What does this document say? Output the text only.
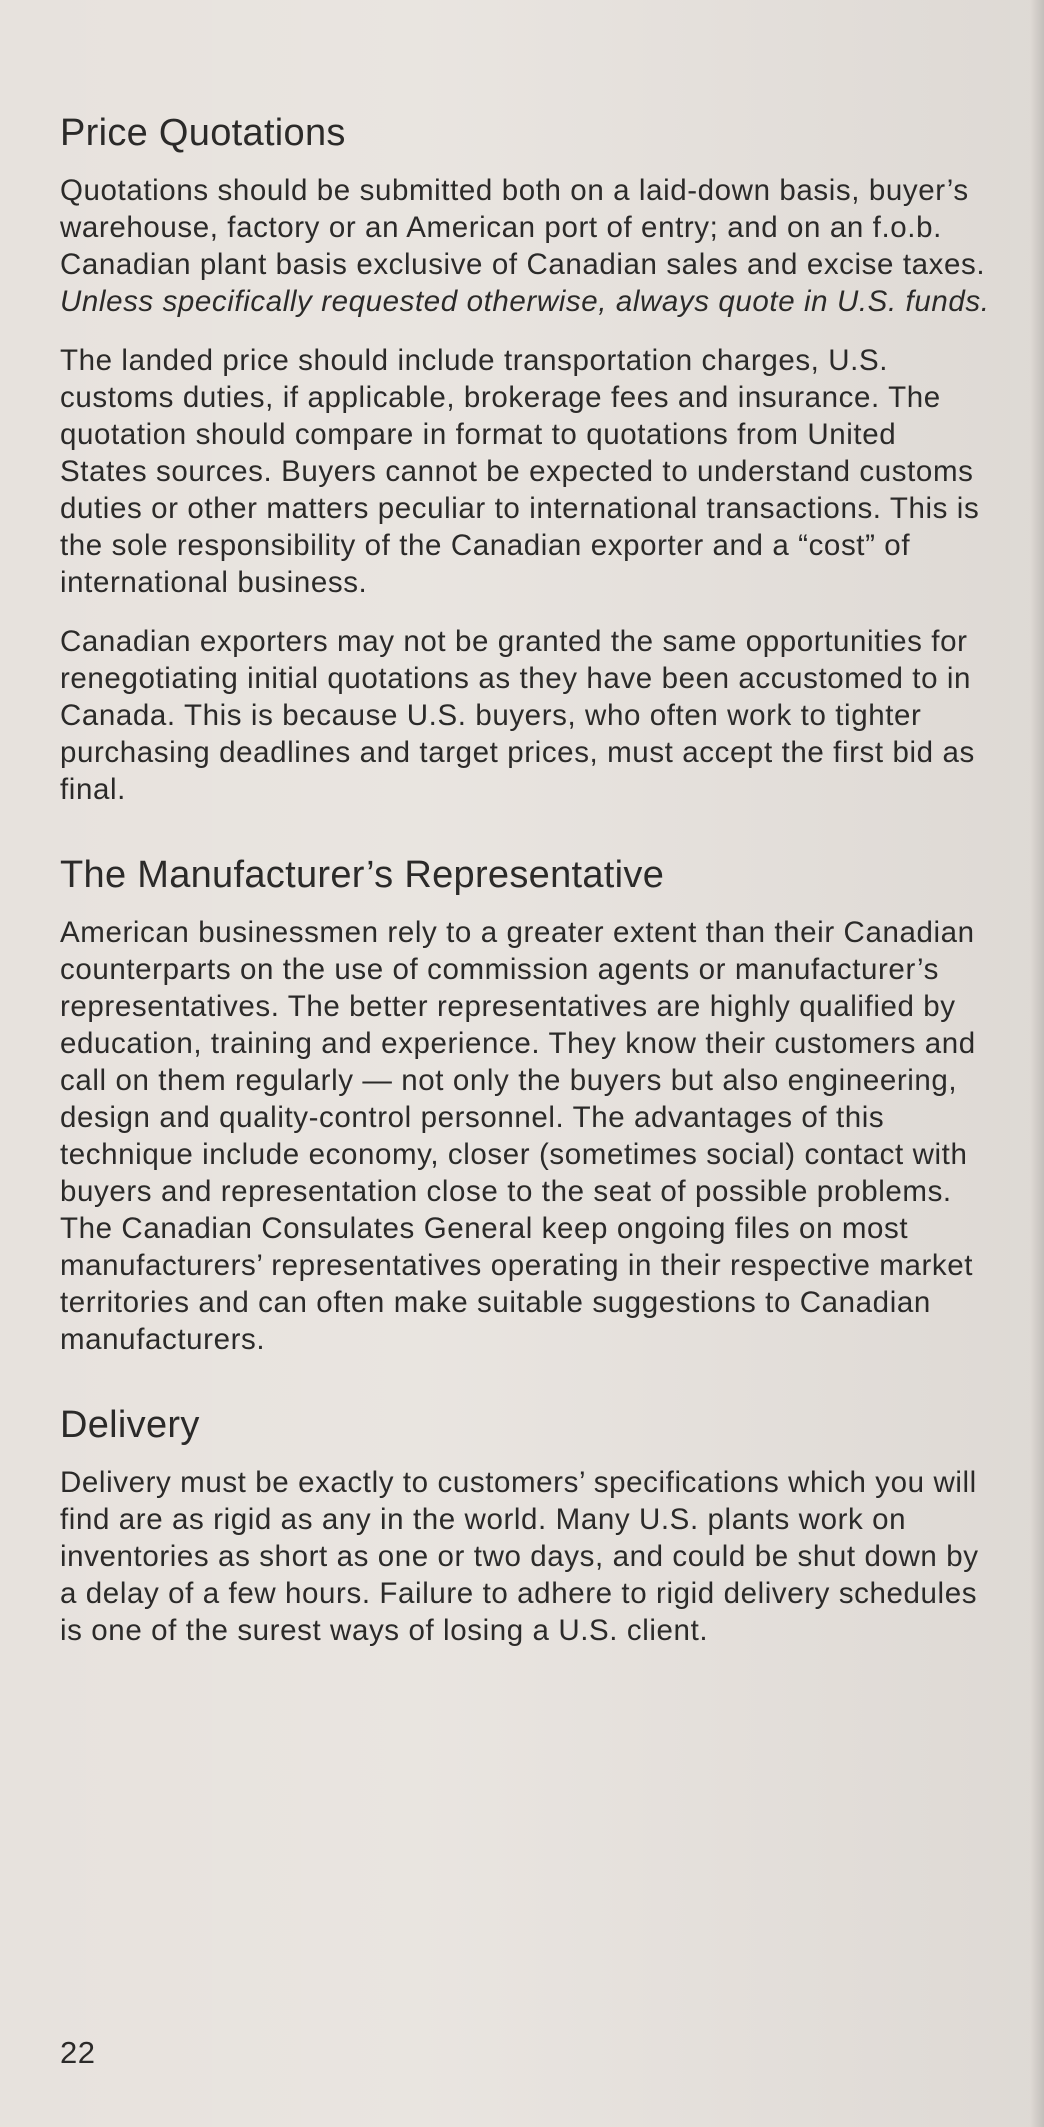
Price Quotations

Quotations should be submitted both on a laid-down basis, buyer’s warehouse, factory or an American port of entry; and on an f.o.b. Canadian plant basis exclusive of Canadian sales and excise taxes. Unless specifically requested otherwise, always quote in U.S. funds.

The landed price should include transportation charges, U.S. customs duties, if applicable, brokerage fees and insurance. The quotation should compare in format to quotations from United States sources. Buyers cannot be expected to understand customs duties or other matters peculiar to international transactions. This is the sole responsibility of the Canadian exporter and a “cost” of international business.

Canadian exporters may not be granted the same opportunities for renegotiating initial quotations as they have been accustomed to in Canada. This is because U.S. buyers, who often work to tighter purchasing deadlines and target prices, must accept the first bid as final.

The Manufacturer’s Representative

American businessmen rely to a greater extent than their Canadian counterparts on the use of commission agents or manufacturer’s representatives. The better representatives are highly qualified by education, training and experience. They know their customers and call on them regularly — not only the buyers but also engineering, design and quality-control personnel. The advantages of this technique include economy, closer (sometimes social) contact with buyers and representation close to the seat of possible problems. The Canadian Consulates General keep ongoing files on most manufacturers’ representatives operating in their respective market territories and can often make suitable suggestions to Canadian manufacturers.

Delivery

Delivery must be exactly to customers’ specifications which you will find are as rigid as any in the world. Many U.S. plants work on inventories as short as one or two days, and could be shut down by a delay of a few hours. Failure to adhere to rigid delivery schedules is one of the surest ways of losing a U.S. client.

22
